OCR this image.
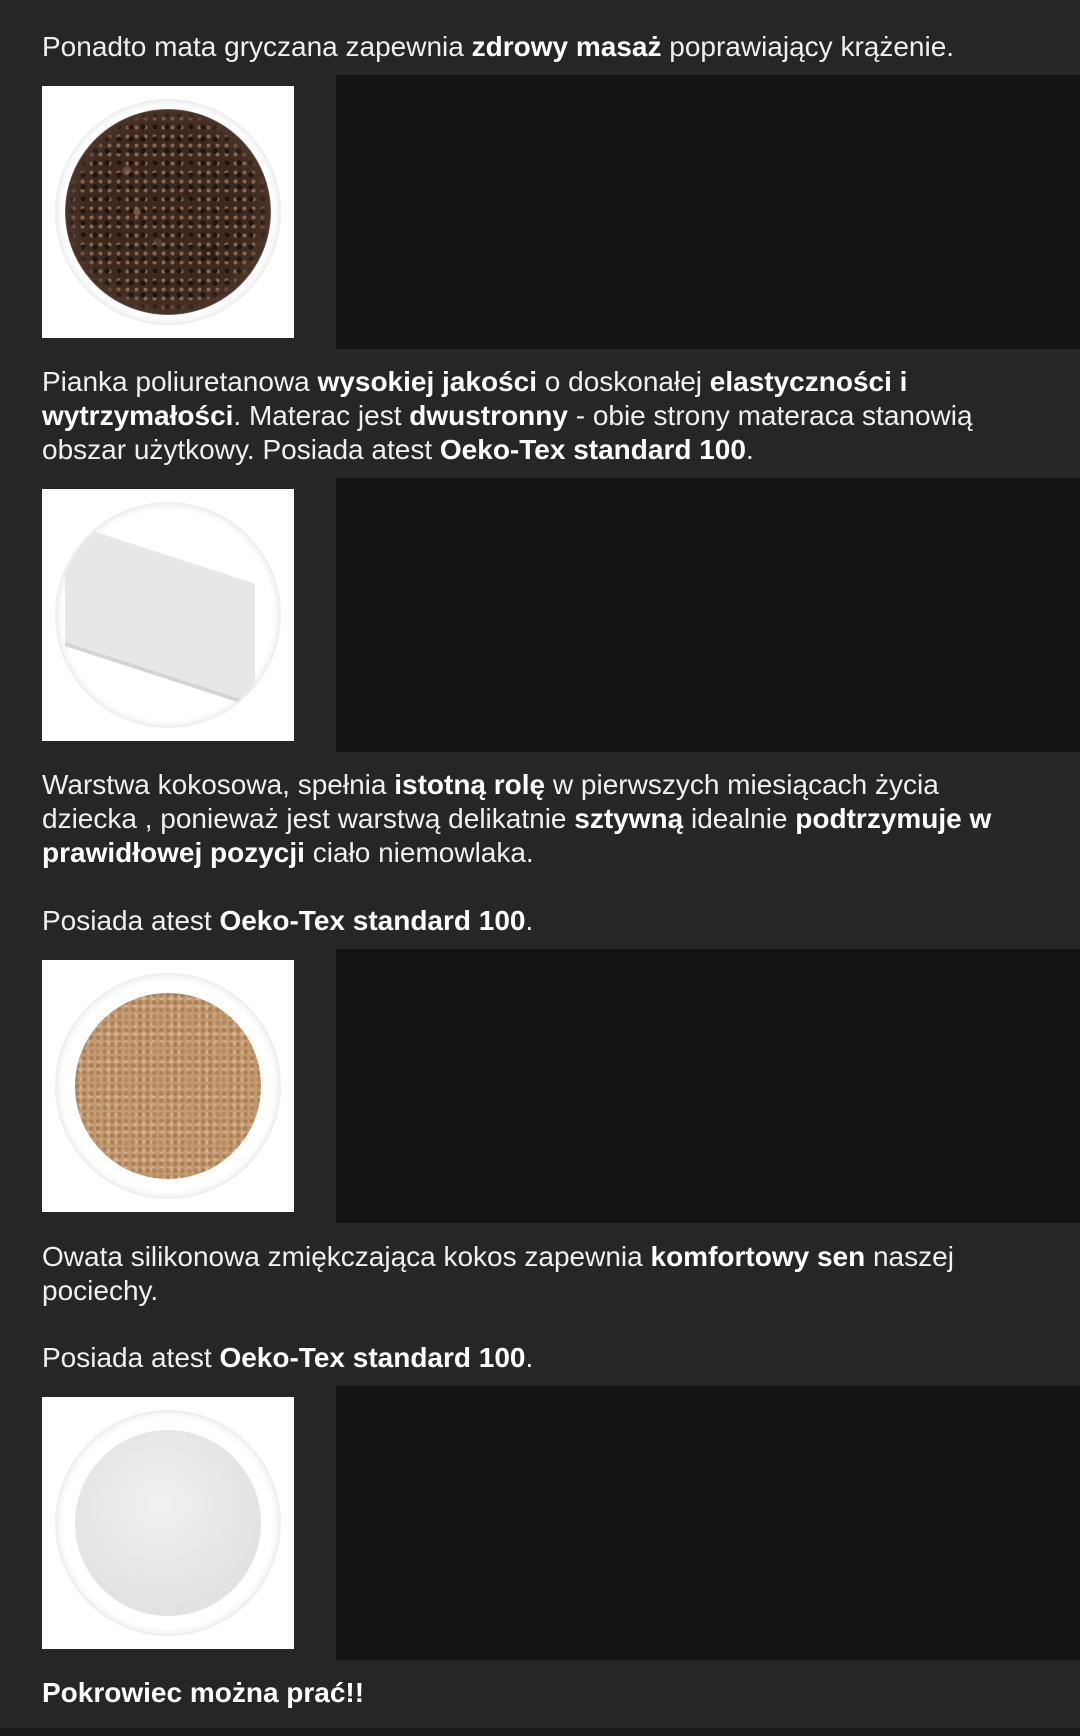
Ponadto mata gryczana zapewnia zdrowy masaż poprawiający krążenie.
Pianka poliuretanowa wysokiej jakości o doskonałej elastyczności i wytrzymałości. Materac jest dwustronny - obie strony materaca stanowią obszar użytkowy. Posiada atest Oeko-Tex standard 100.
Warstwa kokosowa, spełnia istotną rolę w pierwszych miesiącach życia dziecka , ponieważ jest warstwą delikatnie sztywną idealnie podtrzymuje w prawidłowej pozycji ciało niemowlaka.
Posiada atest Oeko-Tex standard 100.
Owata silikonowa zmiękczająca kokos zapewnia komfortowy sen naszej pociechy.
Posiada atest Oeko-Tex standard 100.
Pokrowiec można prać!!
